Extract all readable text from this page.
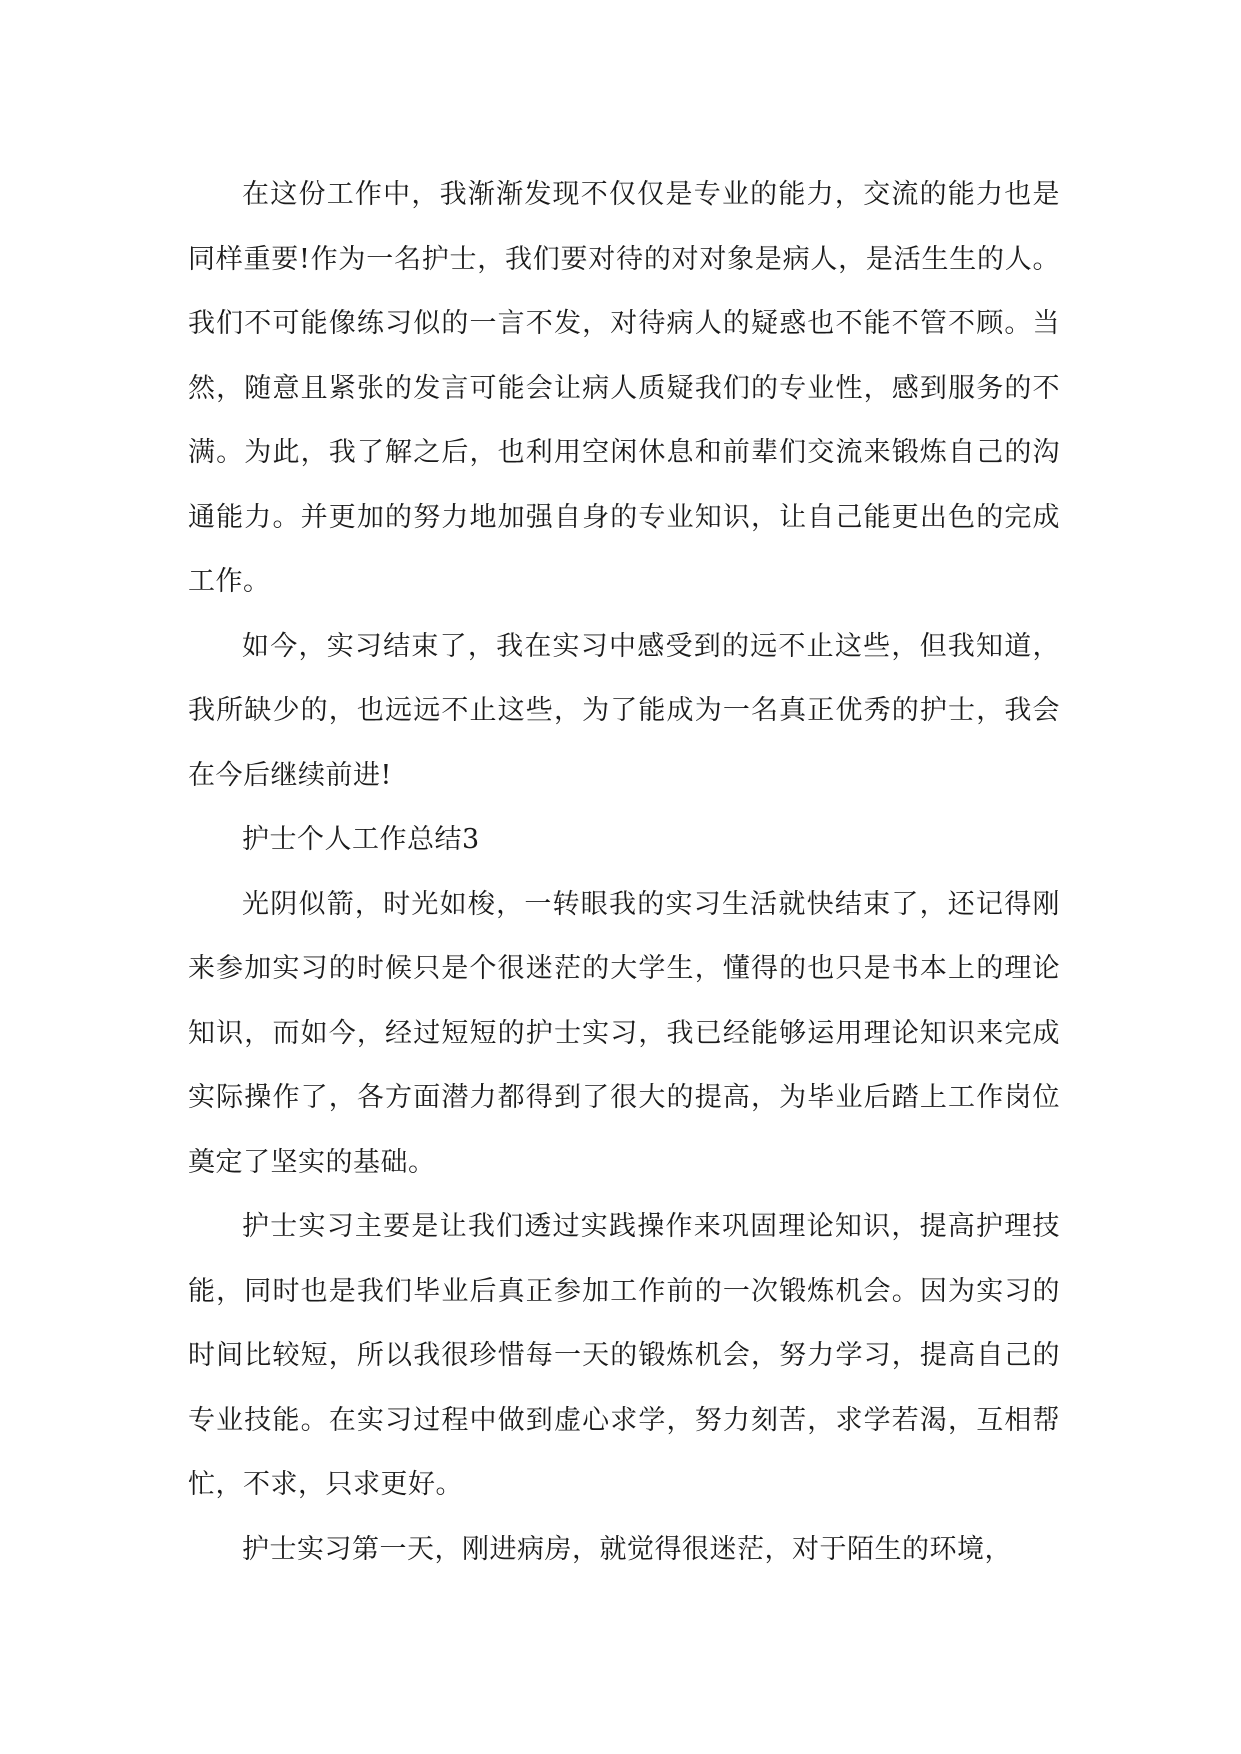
在这份工作中，我渐渐发现不仅仅是专业的能力，交流的能力也是同样重要!作为一名护士，我们要对待的对对象是病人，是活生生的人。我们不可能像练习似的一言不发，对待病人的疑惑也不能不管不顾。当然，随意且紧张的发言可能会让病人质疑我们的专业性，感到服务的不满。为此，我了解之后，也利用空闲休息和前辈们交流来锻炼自己的沟通能力。并更加的努力地加强自身的专业知识，让自己能更出色的完成工作。

如今，实习结束了，我在实习中感受到的远不止这些，但我知道，我所缺少的，也远远不止这些，为了能成为一名真正优秀的护士，我会在今后继续前进!

护士个人工作总结3

光阴似箭，时光如梭，一转眼我的实习生活就快结束了，还记得刚来参加实习的时候只是个很迷茫的大学生，懂得的也只是书本上的理论知识，而如今，经过短短的护士实习，我已经能够运用理论知识来完成实际操作了，各方面潜力都得到了很大的提高，为毕业后踏上工作岗位奠定了坚实的基础。

护士实习主要是让我们透过实践操作来巩固理论知识，提高护理技能，同时也是我们毕业后真正参加工作前的一次锻炼机会。因为实习的时间比较短，所以我很珍惜每一天的锻炼机会，努力学习，提高自己的专业技能。在实习过程中做到虚心求学，努力刻苦，求学若渴，互相帮忙，不求，只求更好。

护士实习第一天，刚进病房，就觉得很迷茫，对于陌生的环境，
